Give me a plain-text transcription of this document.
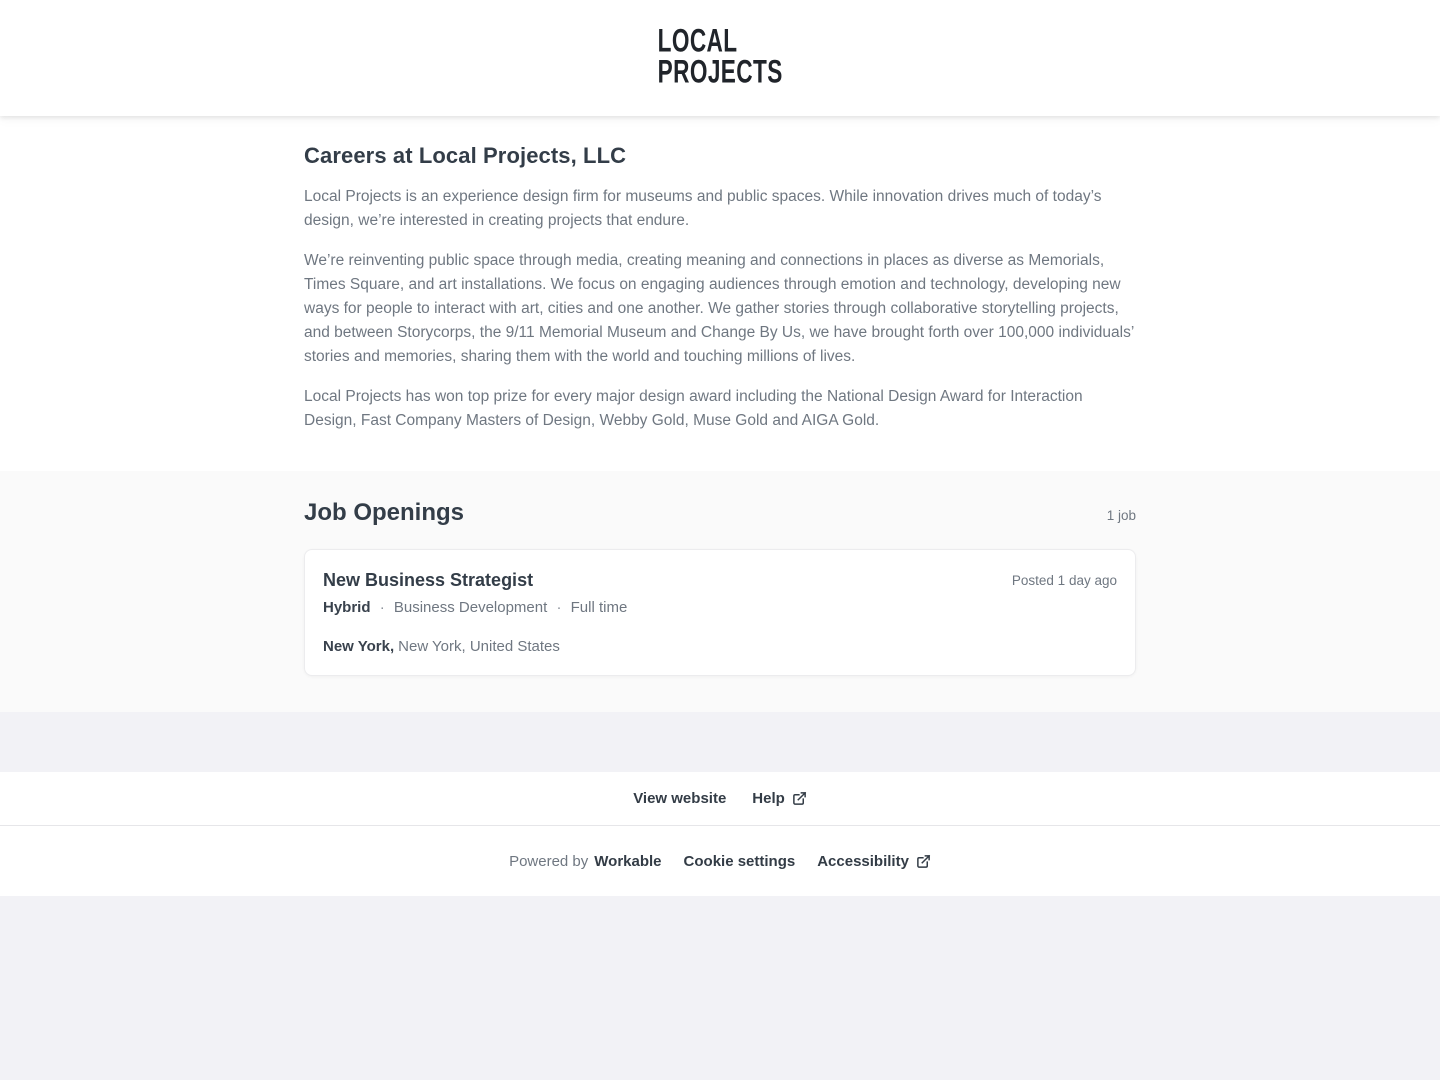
LOCAL
PROJECTS
Careers at Local Projects, LLC

Local Projects is an experience design firm for museums and public spaces. While innovation drives much of today’s design, we’re interested in creating projects that endure.

We’re reinventing public space through media, creating meaning and connections in places as diverse as Memorials, Times Square, and art installations. We focus on engaging audiences through emotion and technology, developing new ways for people to interact with art, cities and one another. We gather stories through collaborative storytelling projects, and between Storycorps, the 9/11 Memorial Museum and Change By Us, we have brought forth over 100,000 individuals’ stories and memories, sharing them with the world and touching millions of lives.

Local Projects has won top prize for every major design award including the National Design Award for Interaction Design, Fast Company Masters of Design, Webby Gold, Muse Gold and AIGA Gold.

Job Openings	1 job
New Business Strategist	Posted 1 day ago
Hybrid · Business Development · Full time
New York, New York, United States
View website Help
Powered by Workable Cookie settings Accessibility
